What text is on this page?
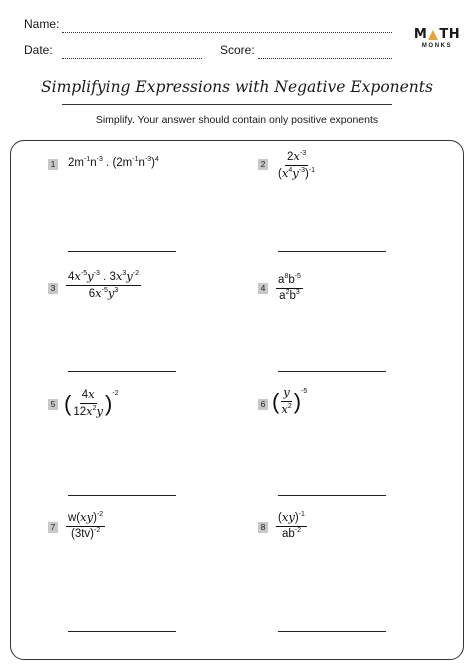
Name:
Date:	Score:
M TH
MONKS
Simplifying Expressions with Negative Exponents
Simplify. Your answer should contain only positive exponents
1 $2m^{-1}n^{-3}$ . $(2m^{-1}n^{-3})^4$	$2 \frac{2x^{-3}}{(x^4y^{-3})^{-1}}$
$3 \frac{4x^{-5}y^{-3} . 3x^3y^{-2}}{6x^{-5}y^3}$	$4 \frac{a^8b^{-5}}{a^2b^3}$
5 ( $\frac{4x}{12x^2y} )^{-2}$
6 ( $\frac{y}{x^2} )^{-5}$
$7 \frac{w(xy)^{-2}}{(3tv)^{-2}}$	$8 \frac{(xy)^{-1}}{ab^{-2}}$
